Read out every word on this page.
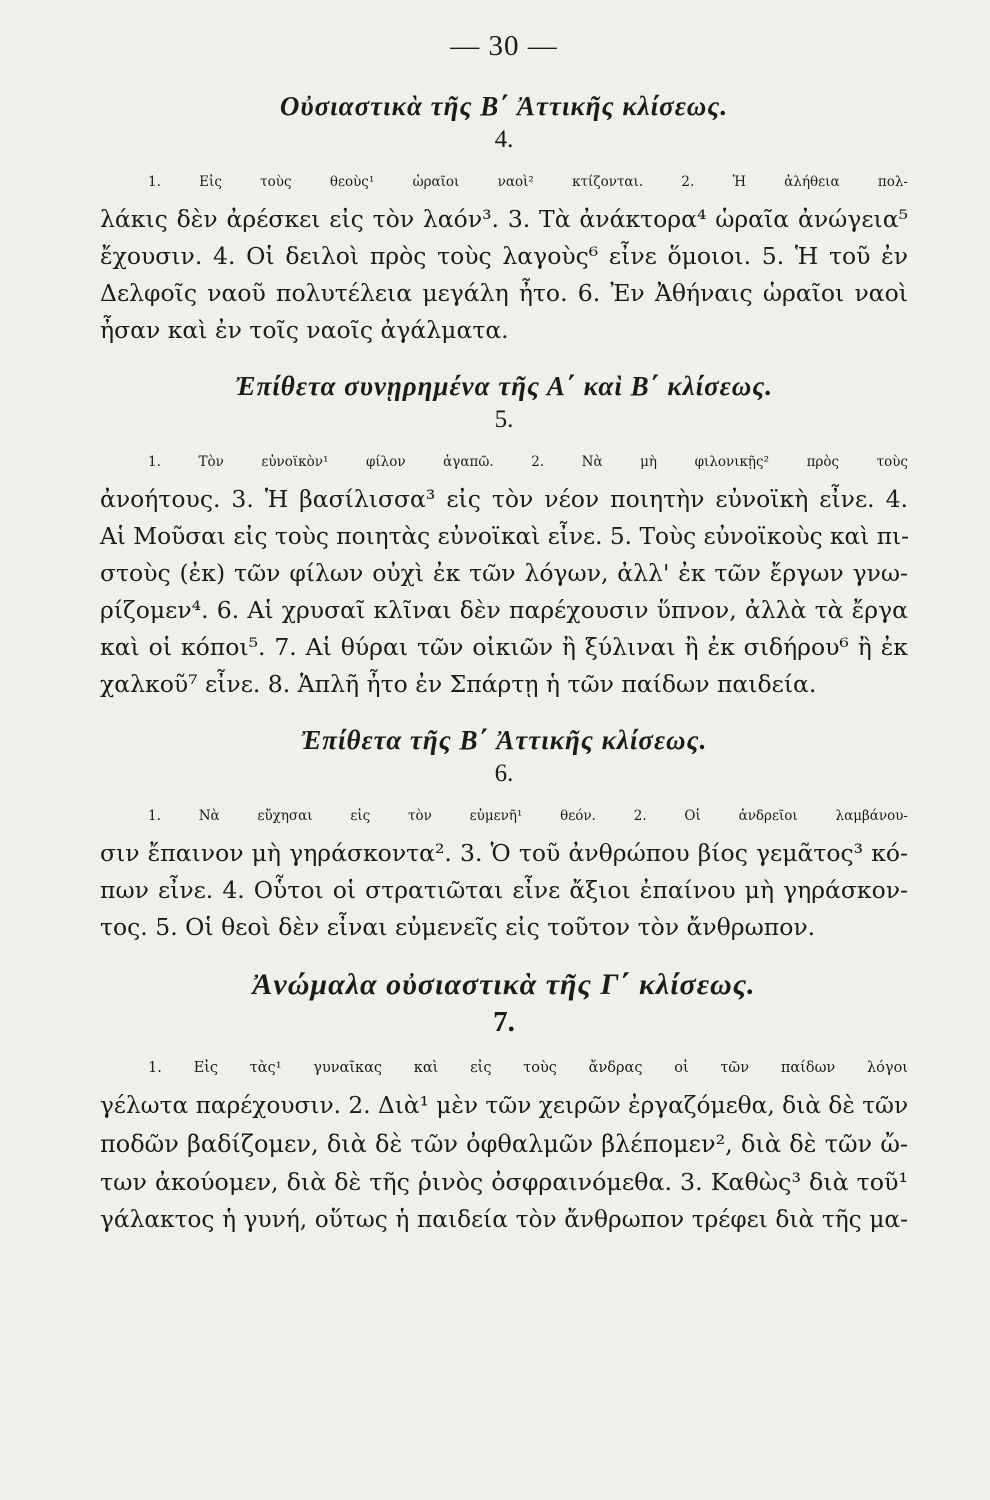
— 30 —
Οὐσιαστικὰ τῆς Β΄ Ἀττικῆς κλίσεως.
4.

1. Εἰς τοὺς θεοὺς¹ ὡραῖοι ναοὶ² κτίζονται. 2. Ἡ ἀλήθεια πολ-
λάκις δὲν ἀρέσκει εἰς τὸν λαόν³. 3. Τὰ ἀνάκτορα⁴ ὡραῖα ἀνώγεια⁵
ἔχουσιν. 4. Οἱ δειλοὶ πρὸς τοὺς λαγοὺς⁶ εἶνε ὅμοιοι. 5. Ἡ τοῦ ἐν
Δελφοῖς ναοῦ πολυτέλεια μεγάλη ἦτο. 6. Ἐν Ἀθήναις ὡραῖοι ναοὶ
ἦσαν καὶ ἐν τοῖς ναοῖς ἀγάλματα.

Ἐπίθετα συνῃρημένα τῆς Α΄ καὶ Β΄ κλίσεως.
5.

1. Τὸν εὐνοϊκὸν¹ φίλον ἀγαπῶ. 2. Νὰ μὴ φιλονικῇς² πρὸς τοὺς
ἀνοήτους. 3. Ἡ βασίλισσα³ εἰς τὸν νέον ποιητὴν εὐνοϊκὴ εἶνε. 4.
Αἱ Μοῦσαι εἰς τοὺς ποιητὰς εὐνοϊκαὶ εἶνε. 5. Τοὺς εὐνοϊκοὺς καὶ πι-
στοὺς (ἐκ) τῶν φίλων οὐχὶ ἐκ τῶν λόγων, ἀλλ' ἐκ τῶν ἔργων γνω-
ρίζομεν⁴. 6. Αἱ χρυσαῖ κλῖναι δὲν παρέχουσιν ὕπνον, ἀλλὰ τὰ ἔργα
καὶ οἱ κόποι⁵. 7. Αἱ θύραι τῶν οἰκιῶν ἢ ξύλιναι ἢ ἐκ σιδήρου⁶ ἢ ἐκ
χαλκοῦ⁷ εἶνε. 8. Ἁπλῆ ἦτο ἐν Σπάρτῃ ἡ τῶν παίδων παιδεία.

Ἐπίθετα τῆς Β΄ Ἀττικῆς κλίσεως.
6.

1. Νὰ εὔχησαι εἰς τὸν εὐμενῆ¹ θεόν. 2. Οἱ ἀνδρεῖοι λαμβάνου-
σιν ἔπαινον μὴ γηράσκοντα². 3. Ὁ τοῦ ἀνθρώπου βίος γεμᾶτος³ κό-
πων εἶνε. 4. Οὗτοι οἱ στρατιῶται εἶνε ἄξιοι ἐπαίνου μὴ γηράσκον-
τος. 5. Οἱ θεοὶ δὲν εἶναι εὐμενεῖς εἰς τοῦτον τὸν ἄνθρωπον.

Ἀνώμαλα οὐσιαστικὰ τῆς Γ΄ κλίσεως.
7.

1. Εἰς τὰς¹ γυναῖκας καὶ εἰς τοὺς ἄνδρας οἱ τῶν παίδων λόγοι
γέλωτα παρέχουσιν. 2. Διὰ¹ μὲν τῶν χειρῶν ἐργαζόμεθα, διὰ δὲ τῶν
ποδῶν βαδίζομεν, διὰ δὲ τῶν ὀφθαλμῶν βλέπομεν², διὰ δὲ τῶν ὤ-
των ἀκούομεν, διὰ δὲ τῆς ῥινὸς ὀσφραινόμεθα. 3. Καθὼς³ διὰ τοῦ¹
γάλακτος ἡ γυνή, οὕτως ἡ παιδεία τὸν ἄνθρωπον τρέφει διὰ τῆς μα-
